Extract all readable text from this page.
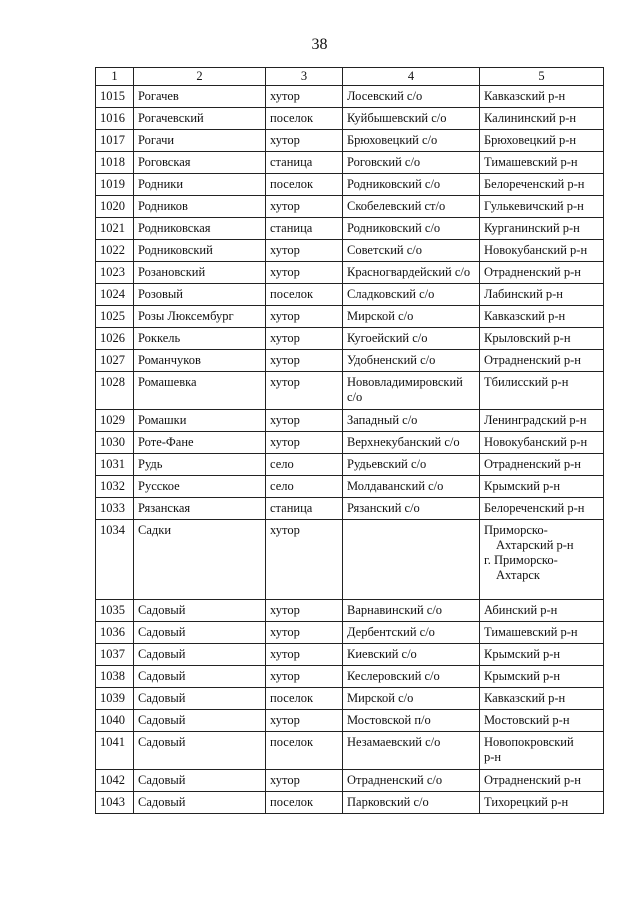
38
1	2	3	4	5
1015	Рогачев	хутор	Лосевский с/о	Кавказский р-н
1016	Рогачевский	поселок	Куйбышевский с/о	Калининский р-н
1017	Рогачи	хутор	Брюховецкий с/о	Брюховецкий р-н
1018	Роговская	станица	Роговский с/о	Тимашевский р-н
1019	Родники	поселок	Родниковский с/о	Белореченский р-н
1020	Родников	хутор	Скобелевский ст/о	Гулькевичский р-н
1021	Родниковская	станица	Родниковский с/о	Курганинский р-н
1022	Родниковский	хутор	Советский с/о	Новокубанский р-н
1023	Розановский	хутор	Красногвардейский с/о	Отрадненский р-н
1024	Розовый	поселок	Сладковский с/о	Лабинский р-н
1025	Розы Люксембург	хутор	Мирской с/о	Кавказский р-н
1026	Роккель	хутор	Кугоейский с/о	Крыловский р-н
1027	Романчуков	хутор	Удобненский с/о	Отрадненский р-н
1028	Ромашевка	хутор	Нововладимировский
с/о	Тбилисский р-н
1029	Ромашки	хутор	Западный с/о	Ленинградский р-н
1030	Роте-Фане	хутор	Верхнекубанский с/о	Новокубанский р-н
1031	Рудь	село	Рудьевский с/о	Отрадненский р-н
1032	Русское	село	Молдаванский с/о	Крымский р-н
1033	Рязанская	станица	Рязанский с/о	Белореченский р-н
1034	Садки	хутор		Приморско-
Ахтарский р-н
г. Приморско-
Ахтарск

1035	Садовый	хутор	Варнавинский с/о	Абинский р-н
1036	Садовый	хутор	Дербентский с/о	Тимашевский р-н
1037	Садовый	хутор	Киевский с/о	Крымский р-н
1038	Садовый	хутор	Кеслеровский с/о	Крымский р-н
1039	Садовый	поселок	Мирской с/о	Кавказский р-н
1040	Садовый	хутор	Мостовской п/о	Мостовский р-н
1041	Садовый	поселок	Незамаевский с/о	Новопокровский
р-н

1042	Садовый	хутор	Отрадненский с/о	Отрадненский р-н
1043	Садовый	поселок	Парковский с/о	Тихорецкий р-н
